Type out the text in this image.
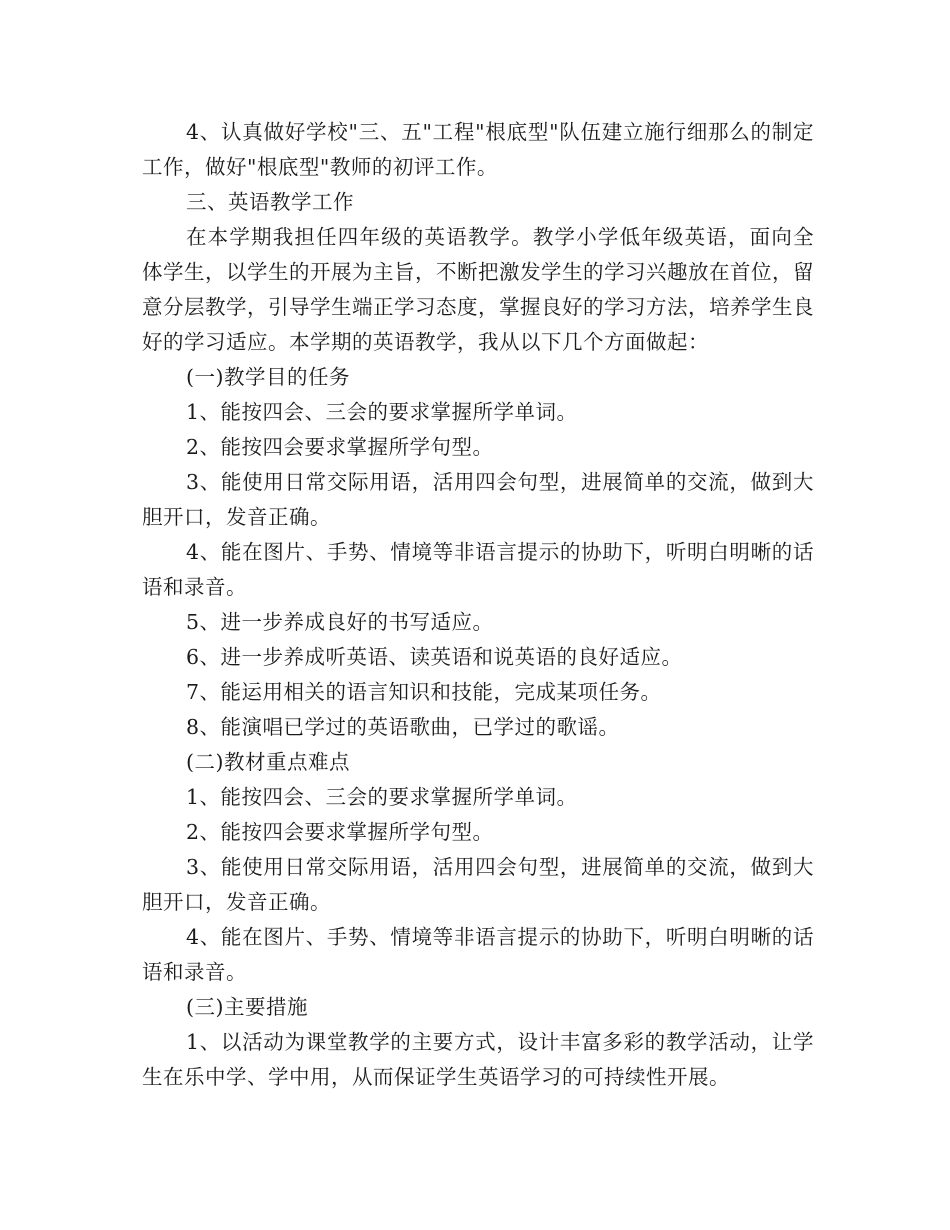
4、认真做好学校"三、五"工程"根底型"队伍建立施行细那么的制定工作，做好"根底型"教师的初评工作。

三、英语教学工作

在本学期我担任四年级的英语教学。教学小学低年级英语，面向全体学生，以学生的开展为主旨，不断把激发学生的学习兴趣放在首位，留意分层教学，引导学生端正学习态度，掌握良好的学习方法，培养学生良好的学习适应。本学期的英语教学，我从以下几个方面做起：

(一)教学目的任务

1、能按四会、三会的要求掌握所学单词。

2、能按四会要求掌握所学句型。

3、能使用日常交际用语，活用四会句型，进展简单的交流，做到大胆开口，发音正确。

4、能在图片、手势、情境等非语言提示的协助下，听明白明晰的话语和录音。

5、进一步养成良好的书写适应。

6、进一步养成听英语、读英语和说英语的良好适应。

7、能运用相关的语言知识和技能，完成某项任务。

8、能演唱已学过的英语歌曲，已学过的歌谣。

(二)教材重点难点

1、能按四会、三会的要求掌握所学单词。

2、能按四会要求掌握所学句型。

3、能使用日常交际用语，活用四会句型，进展简单的交流，做到大胆开口，发音正确。

4、能在图片、手势、情境等非语言提示的协助下，听明白明晰的话语和录音。

(三)主要措施

1、以活动为课堂教学的主要方式，设计丰富多彩的教学活动，让学生在乐中学、学中用，从而保证学生英语学习的可持续性开展。
